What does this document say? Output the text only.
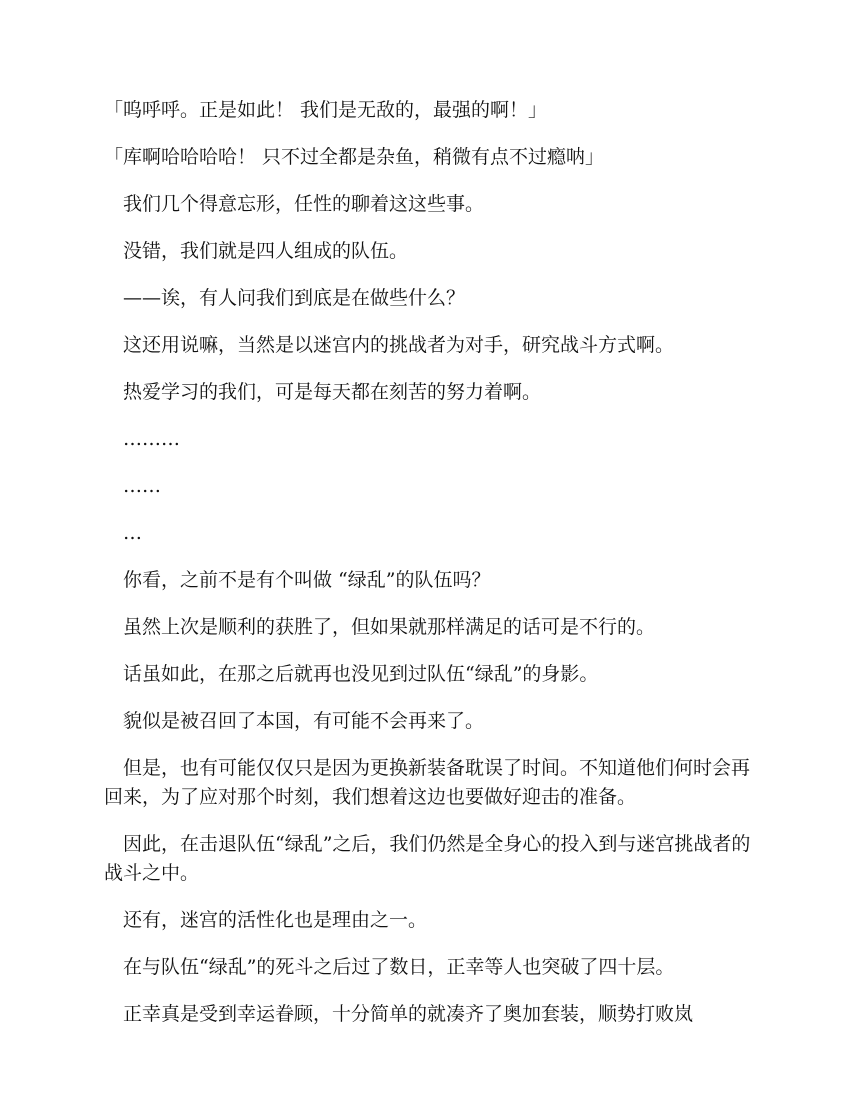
「呜呼呼。正是如此！ 我们是无敌的，最强的啊！」

「库啊哈哈哈哈！ 只不过全都是杂鱼，稍微有点不过瘾呐」

我们几个得意忘形，任性的聊着这这些事。

没错，我们就是四人组成的队伍。

——诶，有人问我们到底是在做些什么？

这还用说嘛，当然是以迷宫内的挑战者为对手，研究战斗方式啊。

热爱学习的我们，可是每天都在刻苦的努力着啊。

………

……

…

你看，之前不是有个叫做 “绿乱”的队伍吗？

虽然上次是顺利的获胜了，但如果就那样满足的话可是不行的。

话虽如此，在那之后就再也没见到过队伍“绿乱”的身影。

貌似是被召回了本国，有可能不会再来了。

但是，也有可能仅仅只是因为更换新装备耽误了时间。不知道他们何时会再回来，为了应对那个时刻，我们想着这边也要做好迎击的准备。

因此，在击退队伍“绿乱”之后，我们仍然是全身心的投入到与迷宫挑战者的战斗之中。

还有，迷宫的活性化也是理由之一。

在与队伍“绿乱”的死斗之后过了数日，正幸等人也突破了四十层。

正幸真是受到幸运眷顾，十分简单的就凑齐了奥加套装，顺势打败岚
